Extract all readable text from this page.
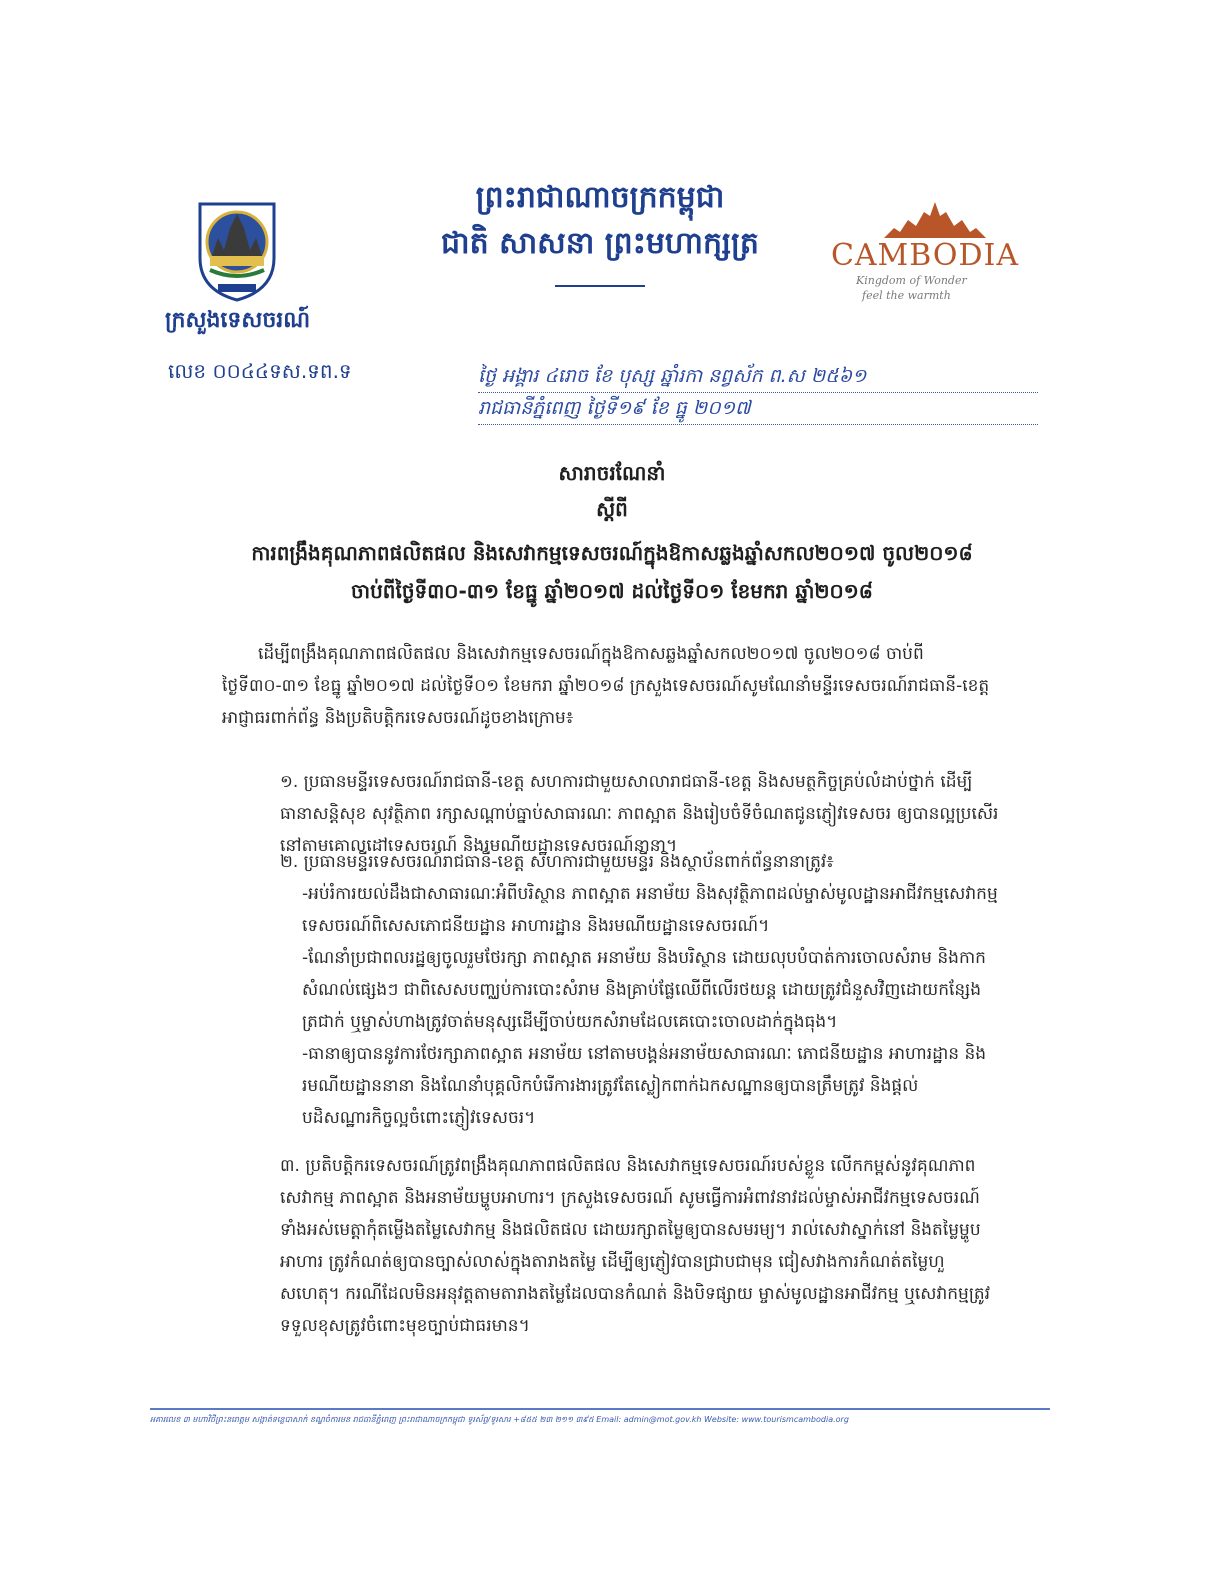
ព្រះរាជាណាចក្រកម្ពុជា
ជាតិ សាសនា ព្រះមហាក្សត្រ
ក្រសួងទេសចរណ៍
លេខ ០០៤៤ទស.ទព.ទ
CAMBODIA
Kingdom of Wonder
feel the warmth
ថ្ងៃ អង្គារ ៤រោច ខែ បុស្ស ឆ្នាំរកា នព្វស័ក ព.ស ២៥៦១
រាជធានីភ្នំពេញ ថ្ងៃទី១៩ ខែ ធ្នូ ២០១៧
សារាចរណែនាំ
ស្តីពី
ការពង្រឹងគុណភាពផលិតផល និងសេវាកម្មទេសចរណ៍ក្នុងឱកាសឆ្លងឆ្នាំសកល២០១៧ ចូល២០១៨
ចាប់ពីថ្ងៃទី៣០-៣១ ខែធ្នូ ឆ្នាំ២០១៧ ដល់ថ្ងៃទី០១ ខែមករា ឆ្នាំ២០១៨
ដើម្បីពង្រឹងគុណភាពផលិតផល និងសេវាកម្មទេសចរណ៍ក្នុងឱកាសឆ្លងឆ្នាំសកល២០១៧ ចូល២០១៨ ចាប់ពីថ្ងៃទី៣០-៣១ ខែធ្នូ ឆ្នាំ២០១៧ ដល់ថ្ងៃទី០១ ខែមករា ឆ្នាំ២០១៨ ក្រសួងទេសចរណ៍សូមណែនាំមន្ទីរទេសចរណ៍រាជធានី-ខេត្ត អាជ្ញាធរពាក់ព័ន្ធ និងប្រតិបត្តិករទេសចរណ៍ដូចខាងក្រោម៖
១. ប្រធានមន្ទីរទេសចរណ៍រាជធានី-ខេត្ត សហការជាមួយសាលារាជធានី-ខេត្ត និងសមត្ថកិច្ចគ្រប់លំដាប់ថ្នាក់ ដើម្បីធានាសន្តិសុខ សុវត្ថិភាព រក្សាសណ្តាប់ធ្នាប់សាធារណៈ ភាពស្អាត និងរៀបចំទីចំណតជូនភ្ញៀវទេសចរ ឲ្យបានល្អប្រសើរ នៅតាមគោលដៅទេសចរណ៍ និងរមណីយដ្ឋានទេសចរណ៍នានា។
២. ប្រធានមន្ទីរទេសចរណ៍រាជធានី-ខេត្ត សហការជាមួយមន្ទីរ និងស្ថាប័នពាក់ព័ន្ធនានាត្រូវ៖
-អប់រំការយល់ដឹងជាសាធារណៈអំពីបរិស្ថាន ភាពស្អាត អនាម័យ និងសុវត្ថិភាពដល់ម្ចាស់មូលដ្ឋានអាជីវកម្មសេវាកម្មទេសចរណ៍ពិសេសភោជនីយដ្ឋាន អាហារដ្ឋាន និងរមណីយដ្ឋានទេសចរណ៍។
-ណែនាំប្រជាពលរដ្ឋឲ្យចូលរួមថែរក្សា ភាពស្អាត អនាម័យ និងបរិស្ថាន ដោយលុបបំបាត់ការចោលសំរាម និងកាកសំណល់ផ្សេងៗ ជាពិសេសបញ្ឈប់ការបោះសំរាម និងគ្រាប់ផ្លែឈើពីលើរថយន្ត ដោយត្រូវជំនួសវិញដោយកន្សែងត្រជាក់ ឬម្ចាស់ហាងត្រូវចាត់មនុស្សដើម្បីចាប់យកសំរាមដែលគេបោះចោលដាក់ក្នុងធុង។
-ធានាឲ្យបាននូវការថែរក្សាភាពស្អាត អនាម័យ នៅតាមបង្គន់អនាម័យសាធារណៈ ភោជនីយដ្ឋាន អាហារដ្ឋាន និងរមណីយដ្ឋាននានា និងណែនាំបុគ្គលិកបំរើការងារត្រូវតែស្លៀកពាក់ឯកសណ្ឋានឲ្យបានត្រឹមត្រូវ និងផ្តល់បដិសណ្ឋារកិច្ចល្អចំពោះភ្ញៀវទេសចរ។
៣. ប្រតិបត្តិករទេសចរណ៍ត្រូវពង្រឹងគុណភាពផលិតផល និងសេវាកម្មទេសចរណ៍របស់ខ្លួន លើកកម្ពស់នូវគុណភាពសេវាកម្ម ភាពស្អាត និងអនាម័យម្ហូបអាហារ។ ក្រសួងទេសចរណ៍ សូមធ្វើការអំពាវនាវដល់ម្ចាស់អាជីវកម្មទេសចរណ៍ទាំងអស់មេត្តាកុំតម្លើងតម្លៃសេវាកម្ម និងផលិតផល ដោយរក្សាតម្លៃឲ្យបានសមរម្យ។ រាល់សេវាស្នាក់នៅ និងតម្លៃម្ហូបអាហារ ត្រូវកំណត់ឲ្យបានច្បាស់លាស់ក្នុងតារាងតម្លៃ ដើម្បីឲ្យភ្ញៀវបានជ្រាបជាមុន ជៀសវាងការកំណត់តម្លៃហួសហេតុ។ ករណីដែលមិនអនុវត្តតាមតារាងតម្លៃដែលបានកំណត់ និងបិទផ្សាយ ម្ចាស់មូលដ្ឋានអាជីវកម្ម ឬសេវាកម្មត្រូវទទួលខុសត្រូវចំពោះមុខច្បាប់ជាធរមាន។
អគារលេខ ៣ មហាវិថីព្រះនរោត្តម សង្កាត់ទន្លេបាសាក់ ខណ្ឌចំការមន រាជធានីភ្នំពេញ ព្រះរាជាណាចក្រកម្ពុជា ទូរស័ព្ទ/ទូរសារ +៨៥៥ ២៣ ២១១ ៣៩៥ Email: admin@mot.gov.kh Website: www.tourismcambodia.org
